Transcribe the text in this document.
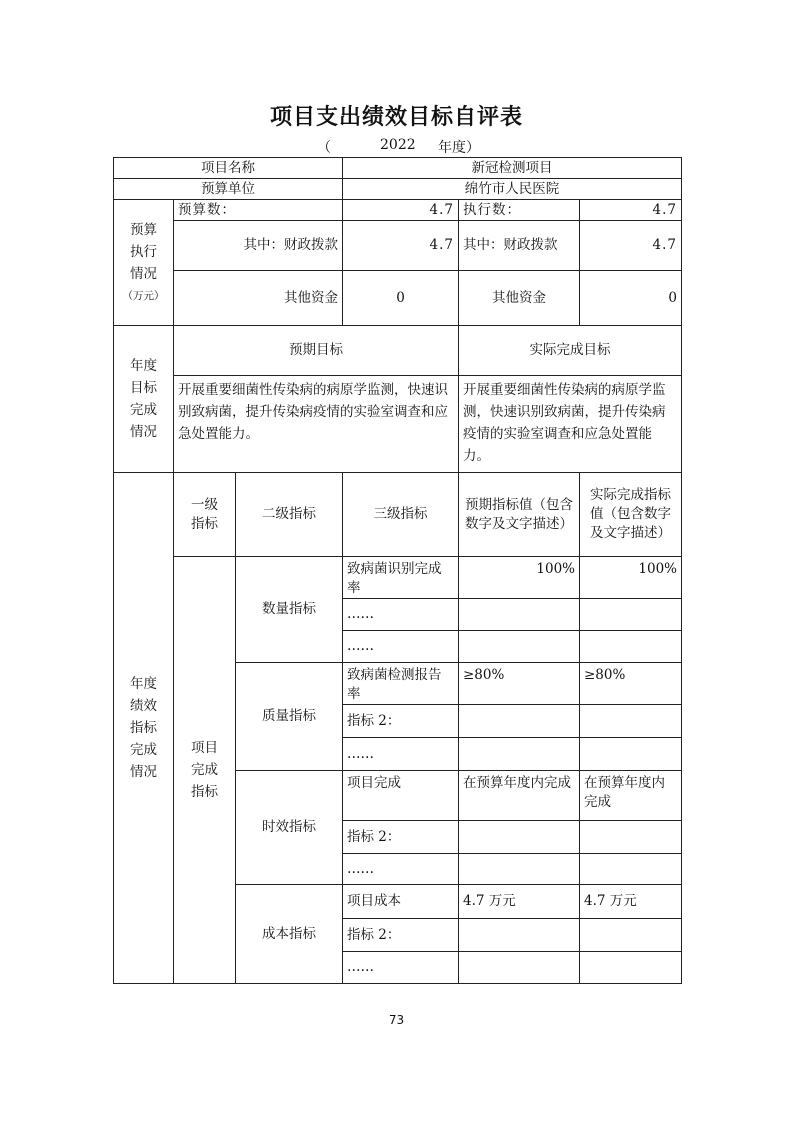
项目支出绩效目标自评表
（	2022 年度）
项目名称			新冠检测项目		
预算单位			绵竹市人民医院		

预算
执行
情况
（万元）	预算数：		4.7	执行数：	4.7
	其中：财政拨款		4.7	其中：财政拨款	4.7
	其他资金		0	其他资金	0

年度
目标
完成
情况	预期目标			实际完成目标	
	开展重要细菌性传染病的病原学监测，快速识别致病菌，提升传染病疫情的实验室调查和应急处置能力。			开展重要细菌性传染病的病原学监测，快速识别致病菌，提升传染病疫情的实验室调查和应急处置能力。	

年度
绩效
指标
完成
情况	一级指标	二级指标	三级指标	预期指标值（包含数字及文字描述）	实际完成指标值（包含数字及文字描述）

	项目
完成
指标	数量指标	致病菌识别完成率	100%	100%
			……		
			……		
		质量指标	致病菌检测报告率	≥80%	≥80%
			指标 2：		
			……		
		时效指标	项目完成	在预算年度内完成	在预算年度内完成
			指标 2：		
			……		
		成本指标	项目成本	4.7 万元	4.7 万元
			指标 2：		
			……		
73
